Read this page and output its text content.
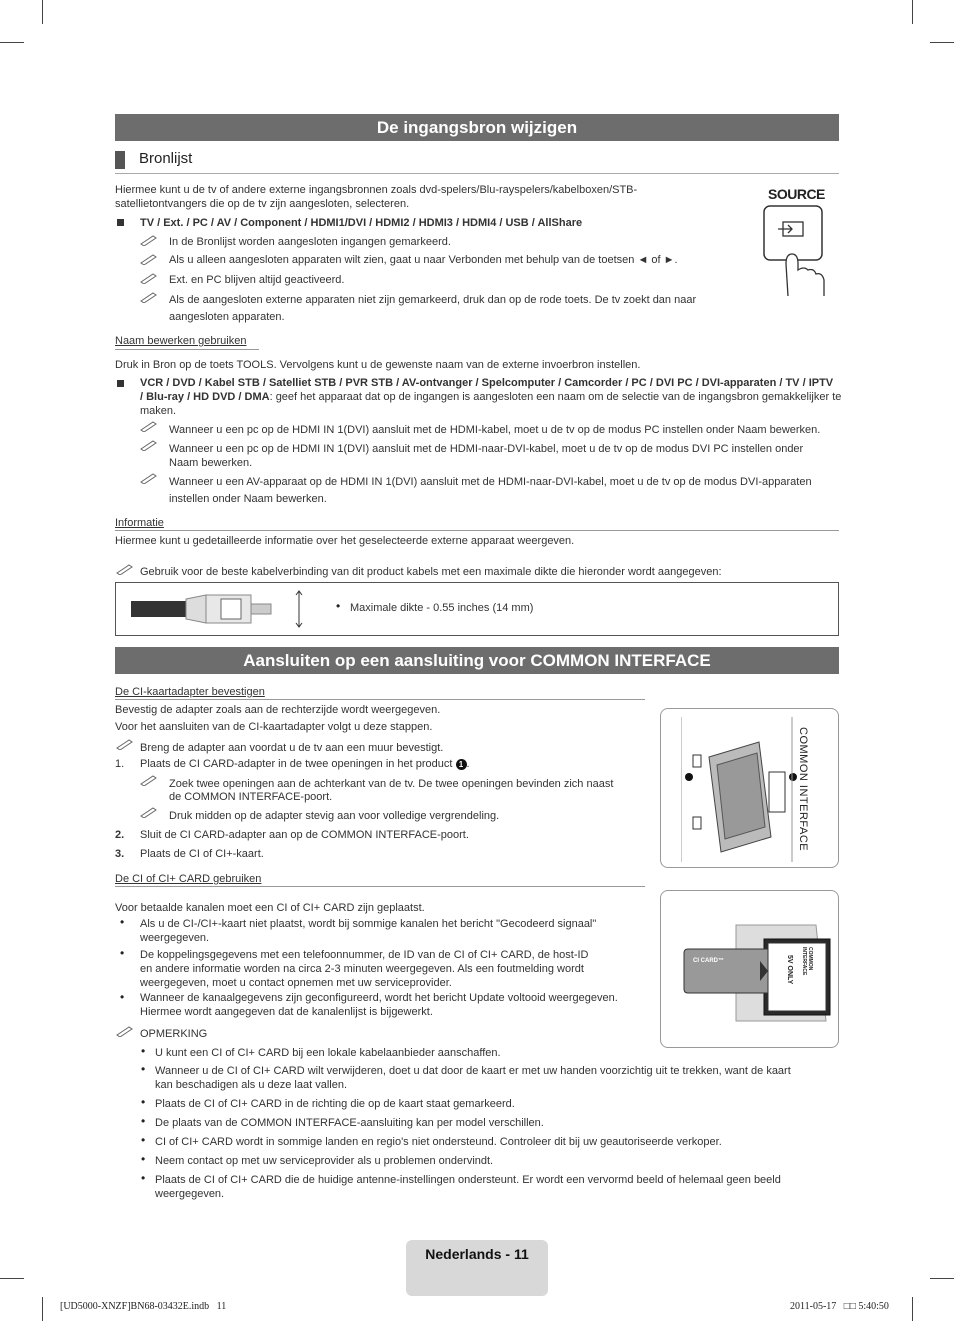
De ingangsbron wijzigen
Bronlijst
Hiermee kunt u de tv of andere externe ingangsbronnen zoals dvd-spelers/Blu-rayspelers/kabelboxen/STB-
satellietontvangers die op de tv zijn aangesloten, selecteren.
TV / Ext. / PC / AV / Component / HDMI1/DVI / HDMI2 / HDMI3 / HDMI4 / USB / AllShare
In de Bronlijst worden aangesloten ingangen gemarkeerd.
Als u alleen aangesloten apparaten wilt zien, gaat u naar Verbonden met behulp van de toetsen ◄ of ►.
Ext. en PC blijven altijd geactiveerd.
Als de aangesloten externe apparaten niet zijn gemarkeerd, druk dan op de rode toets. De tv zoekt dan naar
aangesloten apparaten.
SOURCE
Naam bewerken gebruiken
Druk in Bron op de toets TOOLS. Vervolgens kunt u de gewenste naam van de externe invoerbron instellen.
VCR / DVD / Kabel STB / Satelliet STB / PVR STB / AV-ontvanger / Spelcomputer / Camcorder / PC / DVI PC / DVI-apparaten / TV / IPTV
/ Blu-ray / HD DVD / DMA: geef het apparaat dat op de ingangen is aangesloten een naam om de selectie van de ingangsbron gemakkelijker te
maken.
Wanneer u een pc op de HDMI IN 1(DVI) aansluit met de HDMI-kabel, moet u de tv op de modus PC instellen onder Naam bewerken.
Wanneer u een pc op de HDMI IN 1(DVI) aansluit met de HDMI-naar-DVI-kabel, moet u de tv op de modus DVI PC instellen onder
Naam bewerken.
Wanneer u een AV-apparaat op de HDMI IN 1(DVI) aansluit met de HDMI-naar-DVI-kabel, moet u de tv op de modus DVI-apparaten
instellen onder Naam bewerken.
Informatie
Hiermee kunt u gedetailleerde informatie over het geselecteerde externe apparaat weergeven.
Gebruik voor de beste kabelverbinding van dit product kabels met een maximale dikte die hieronder wordt aangegeven:
• Maximale dikte - 0.55 inches (14 mm)
Aansluiten op een aansluiting voor COMMON INTERFACE
De CI-kaartadapter bevestigen
Bevestig de adapter zoals aan de rechterzijde wordt weergegeven.
Voor het aansluiten van de CI-kaartadapter volgt u deze stappen.
Breng de adapter aan voordat u de tv aan een muur bevestigt.
1. Plaats de CI CARD-adapter in de twee openingen in het product 1 .
Zoek twee openingen aan de achterkant van de tv. De twee openingen bevinden zich naast
de COMMON INTERFACE-poort.
Druk midden op de adapter stevig aan voor volledige vergrendeling.
2. Sluit de CI CARD-adapter aan op de COMMON INTERFACE-poort.
3. Plaats de CI of CI+-kaart.
COMMON INTERFACE
De CI of CI+ CARD gebruiken
Voor betaalde kanalen moet een CI of CI+ CARD zijn geplaatst.
• Als u de CI-/CI+-kaart niet plaatst, wordt bij sommige kanalen het bericht "Gecodeerd signaal"
weergegeven.
• De koppelingsgegevens met een telefoonnummer, de ID van de CI of CI+ CARD, de host-ID
en andere informatie worden na circa 2-3 minuten weergegeven. Als een foutmelding wordt
weergegeven, moet u contact opnemen met uw serviceprovider.
• Wanneer de kanaalgegevens zijn geconfigureerd, wordt het bericht Update voltooid weergegeven.
Hiermee wordt aangegeven dat de kanalenlijst is bijgewerkt.
CI CARD™	COMMON INTERFACE
5V ONLY
OPMERKING
• U kunt een CI of CI+ CARD bij een lokale kabelaanbieder aanschaffen.
• Wanneer u de CI of CI+ CARD wilt verwijderen, doet u dat door de kaart er met uw handen voorzichtig uit te trekken, want de kaart
kan beschadigen als u deze laat vallen.
• Plaats de CI of CI+ CARD in de richting die op de kaart staat gemarkeerd.
• De plaats van de COMMON INTERFACE-aansluiting kan per model verschillen.
• CI of CI+ CARD wordt in sommige landen en regio's niet ondersteund. Controleer dit bij uw geautoriseerde verkoper.
• Neem contact op met uw serviceprovider als u problemen ondervindt.
• Plaats de CI of CI+ CARD die de huidige antenne-instellingen ondersteunt. Er wordt een vervormd beeld of helemaal geen beeld
weergegeven.
Nederlands - 11
[UD5000-XNZF]BN68-03432E.indb   11	2011-05-17   □□ 5:40:50
